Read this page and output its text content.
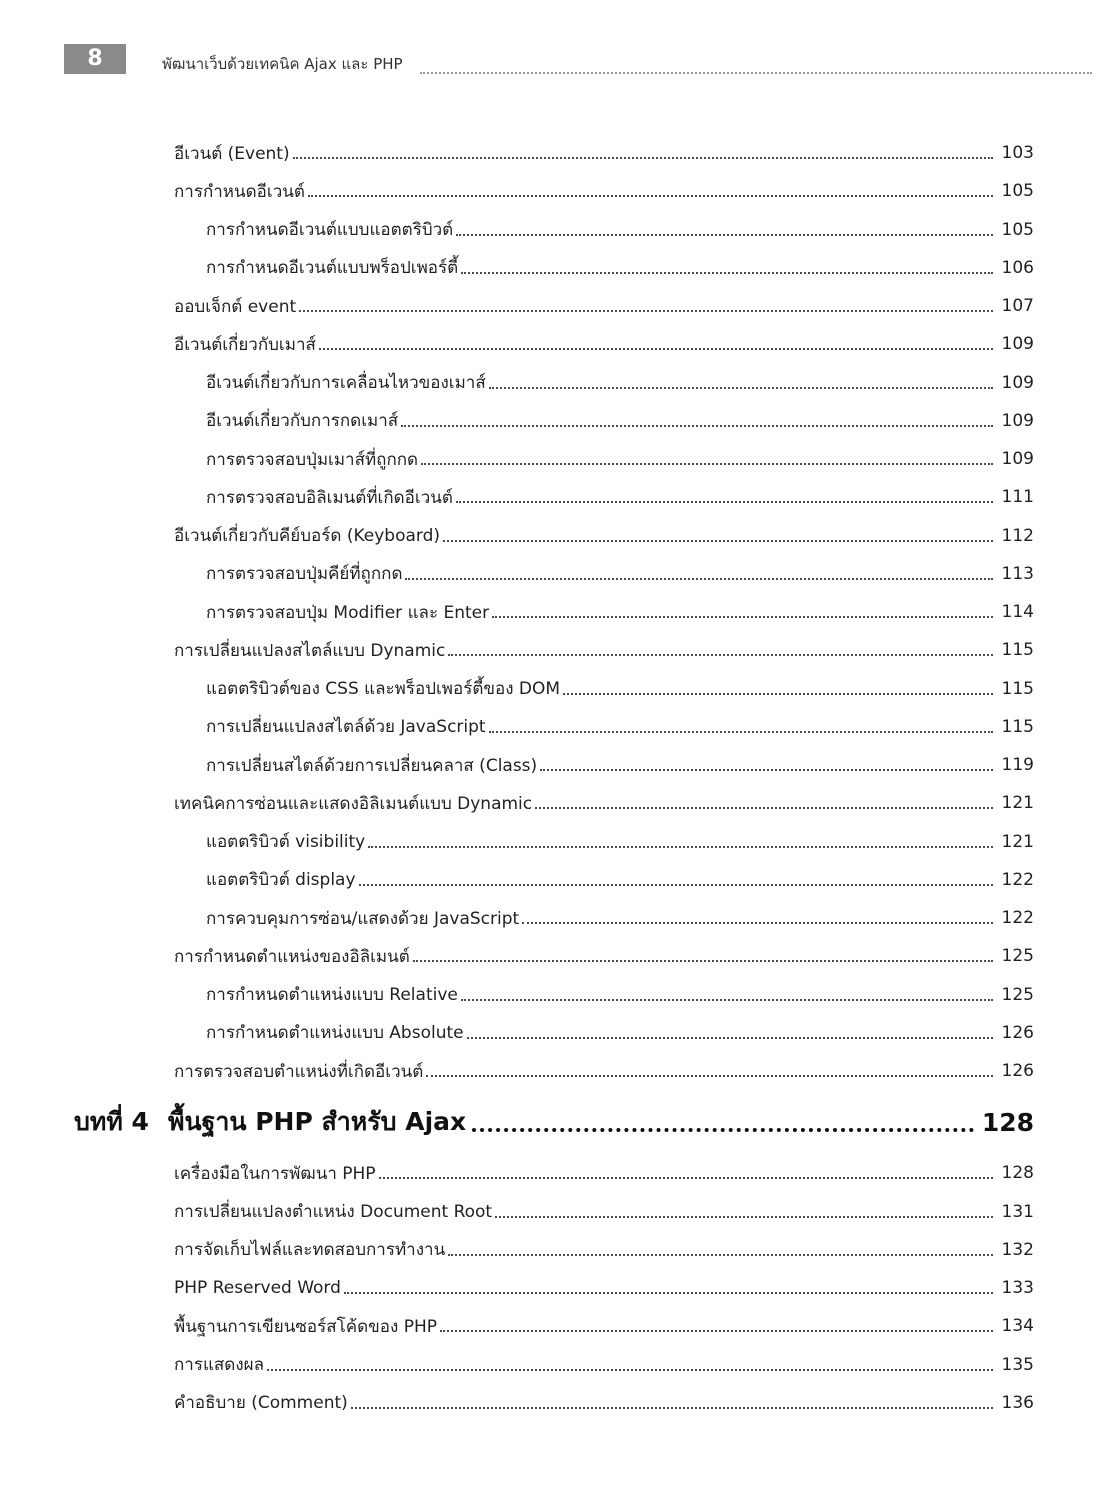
8	พัฒนาเว็บด้วยเทคนิค Ajax และ PHP
อีเวนต์ (Event)	103
การกำหนดอีเวนต์	105
การกำหนดอีเวนต์แบบแอตตริบิวต์	105
การกำหนดอีเวนต์แบบพร็อปเพอร์ตี้	106
ออบเจ็กต์ event	107
อีเวนต์เกี่ยวกับเมาส์	109
อีเวนต์เกี่ยวกับการเคลื่อนไหวของเมาส์	109
อีเวนต์เกี่ยวกับการกดเมาส์	109
การตรวจสอบปุ่มเมาส์ที่ถูกกด	109
การตรวจสอบอิลิเมนต์ที่เกิดอีเวนต์	111
อีเวนต์เกี่ยวกับคีย์บอร์ด (Keyboard)	112
การตรวจสอบปุ่มคีย์ที่ถูกกด	113
การตรวจสอบปุ่ม Modifier และ Enter	114
การเปลี่ยนแปลงสไตล์แบบ Dynamic	115
แอตตริบิวต์ของ CSS และพร็อปเพอร์ตี้ของ DOM	115
การเปลี่ยนแปลงสไตล์ด้วย JavaScript	115
การเปลี่ยนสไตล์ด้วยการเปลี่ยนคลาส (Class)	119
เทคนิคการซ่อนและแสดงอิลิเมนต์แบบ Dynamic	121
แอตตริบิวต์ visibility	121
แอตตริบิวต์ display	122
การควบคุมการซ่อน/แสดงด้วย JavaScript	122
การกำหนดตำแหน่งของอิลิเมนต์	125
การกำหนดตำแหน่งแบบ Relative	125
การกำหนดตำแหน่งแบบ Absolute	126
การตรวจสอบตำแหน่งที่เกิดอีเวนต์	126
บทที่ 4 พื้นฐาน PHP สำหรับ Ajax	128
เครื่องมือในการพัฒนา PHP	128
การเปลี่ยนแปลงตำแหน่ง Document Root	131
การจัดเก็บไฟล์และทดสอบการทำงาน	132
PHP Reserved Word	133
พื้นฐานการเขียนซอร์สโค้ดของ PHP	134
การแสดงผล	135
คำอธิบาย (Comment)	136
